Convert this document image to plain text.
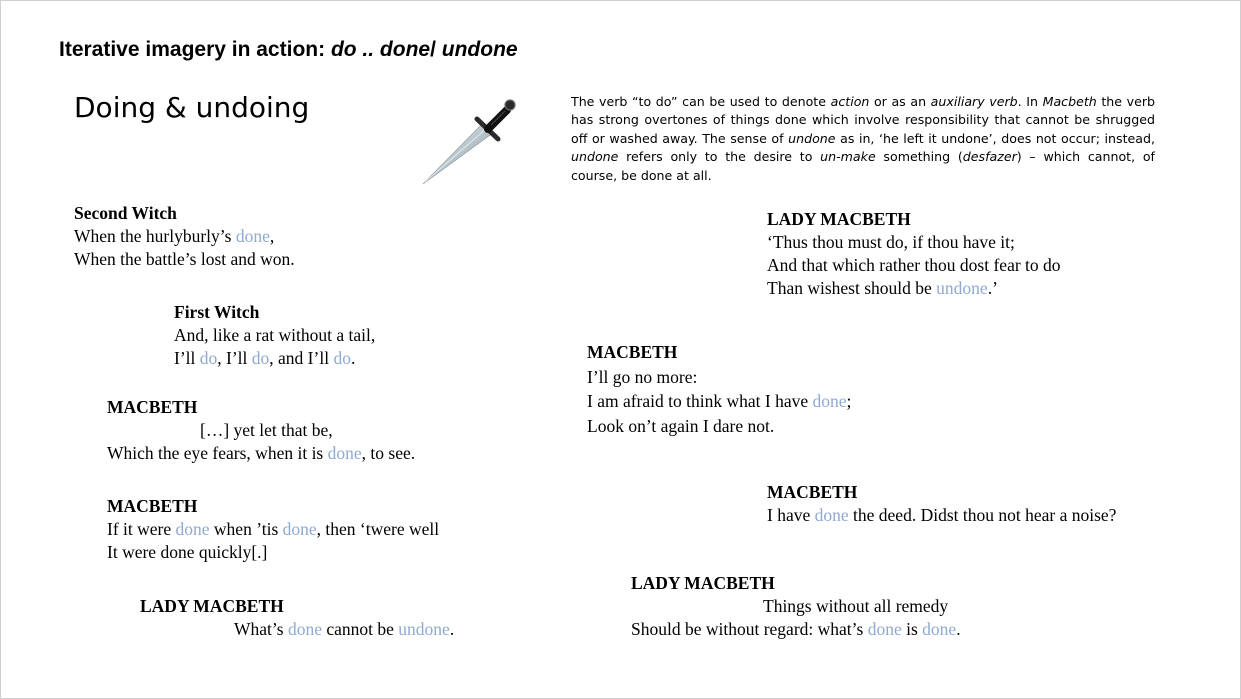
Iterative imagery in action: do .. done/ undone
Doing & undoing	The verb “to do” can be used to denote action or as an auxiliary verb. In Macbeth the verb has strong overtones of things done which involve responsibility that cannot be shrugged off or washed away. The sense of undone as in, ‘he left it undone’, does not occur; instead, undone refers only to the desire to un-make something (desfazer) – which cannot, of course, be done at all.
Second Witch
When the hurlyburly’s done,
When the battle’s lost and won.
First Witch
And, like a rat without a tail,
I’ll do, I’ll do, and I’ll do.
MACBETH
[…] yet let that be,
Which the eye fears, when it is done, to see.
MACBETH
If it were done when ’tis done, then ‘twere well
It were done quickly[.]
LADY MACBETH
What’s done cannot be undone.
LADY MACBETH
‘Thus thou must do, if thou have it;
And that which rather thou dost fear to do
Than wishest should be undone.’
MACBETH
I’ll go no more:
I am afraid to think what I have done;
Look on’t again I dare not.
MACBETH
I have done the deed. Didst thou not hear a noise?
LADY MACBETH
Things without all remedy
Should be without regard: what’s done is done.
